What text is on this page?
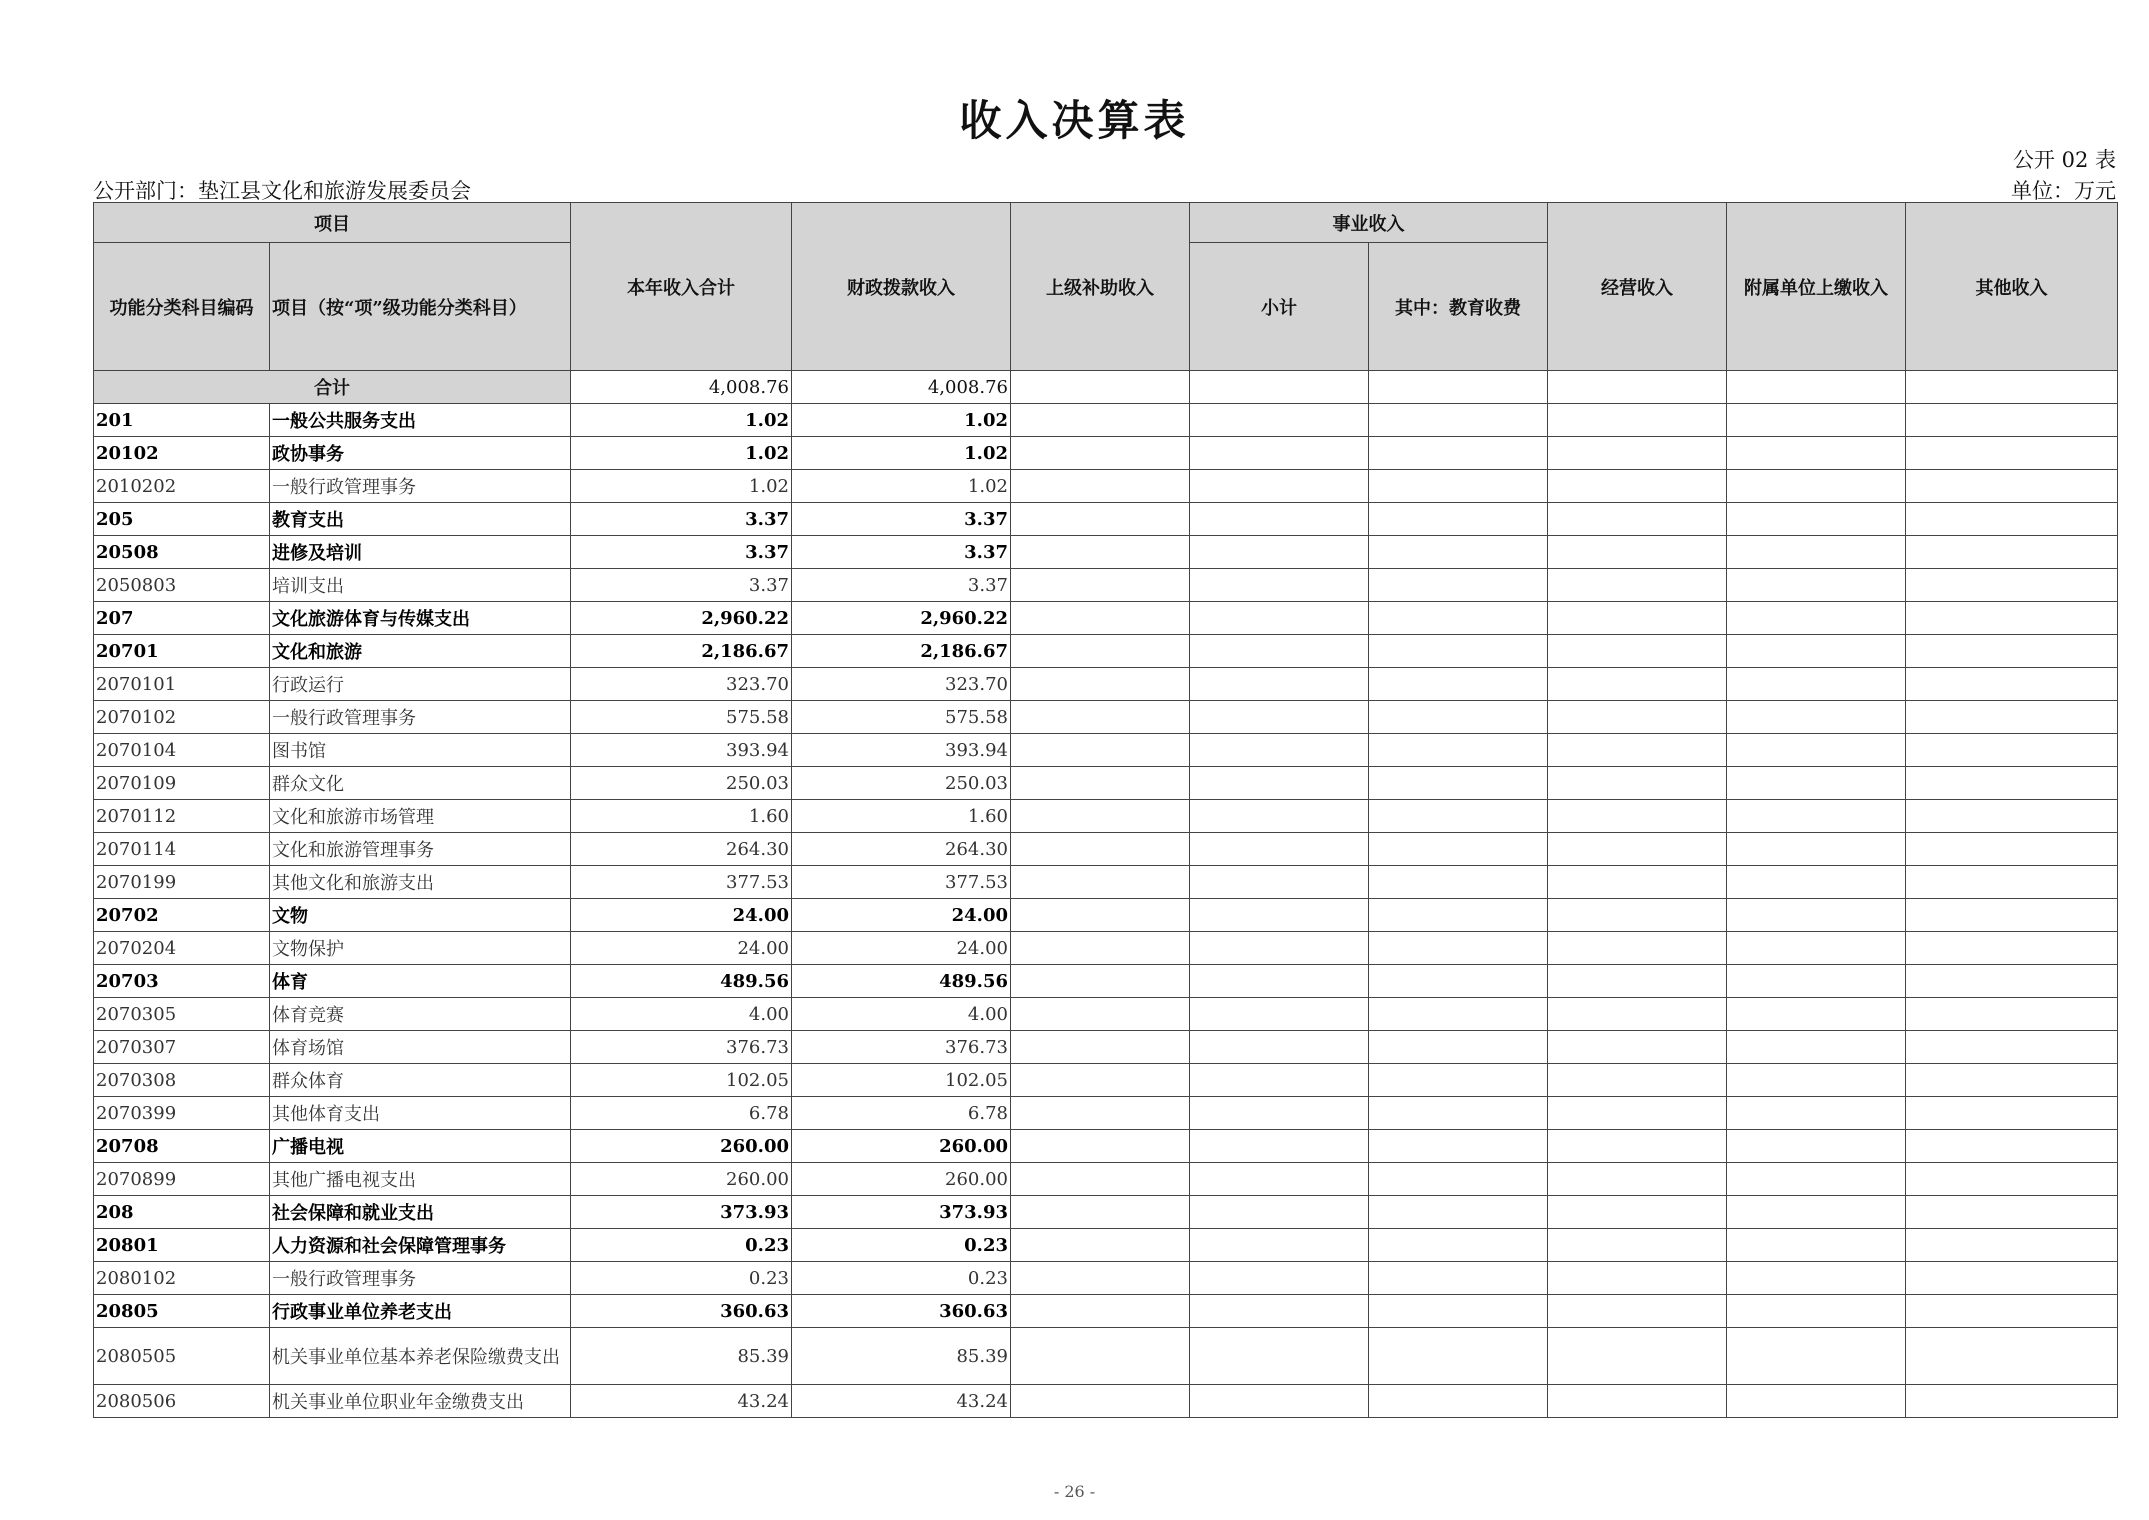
收入决算表
公开 02 表
公开部门：垫江县文化和旅游发展委员会	单位：万元
项目		本年收入合计	财政拨款收入	上级补助收入	事业收入		经营收入	附属单位上缴收入	其他收入
功能分类科目编码	项目（按“项”级功能分类科目）				小计	其中：教育收费			
合计		4,008.76	4,008.76						
201	一般公共服务支出	1.02	1.02						
20102	政协事务	1.02	1.02						
2010202	一般行政管理事务	1.02	1.02						
205	教育支出	3.37	3.37						
20508	进修及培训	3.37	3.37						
2050803	培训支出	3.37	3.37						
207	文化旅游体育与传媒支出	2,960.22	2,960.22						
20701	文化和旅游	2,186.67	2,186.67						
2070101	行政运行	323.70	323.70						
2070102	一般行政管理事务	575.58	575.58						
2070104	图书馆	393.94	393.94						
2070109	群众文化	250.03	250.03						
2070112	文化和旅游市场管理	1.60	1.60						
2070114	文化和旅游管理事务	264.30	264.30						
2070199	其他文化和旅游支出	377.53	377.53						
20702	文物	24.00	24.00						
2070204	文物保护	24.00	24.00						
20703	体育	489.56	489.56						
2070305	体育竞赛	4.00	4.00						
2070307	体育场馆	376.73	376.73						
2070308	群众体育	102.05	102.05						
2070399	其他体育支出	6.78	6.78						
20708	广播电视	260.00	260.00						
2070899	其他广播电视支出	260.00	260.00						
208	社会保障和就业支出	373.93	373.93						
20801	人力资源和社会保障管理事务	0.23	0.23						
2080102	一般行政管理事务	0.23	0.23						
20805	行政事业单位养老支出	360.63	360.63						
2080505	机关事业单位基本养老保险缴费支出	85.39	85.39						
2080506	机关事业单位职业年金缴费支出	43.24	43.24						
- 26 -
